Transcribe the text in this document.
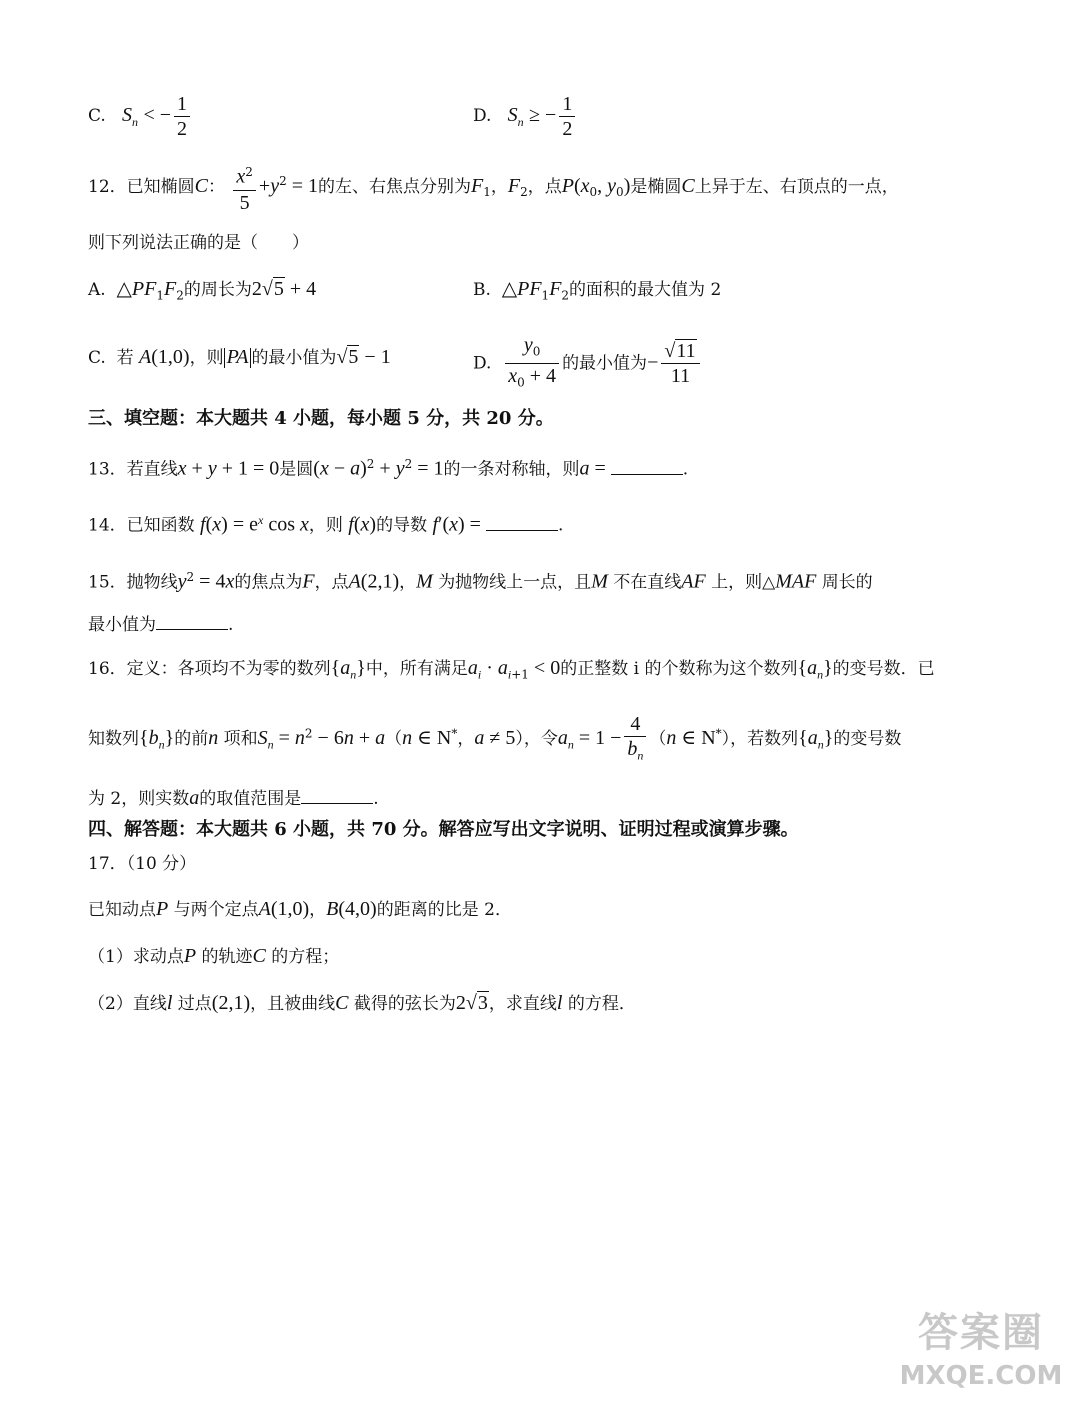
C. $S_n$ < − $\frac{1}{2}$	D. $S_n$ ≥ − $\frac{1}{2}$
12．已知椭圆C： $\frac{x^2}{5} +y^2 = 1$的左、右焦点分别为$F_1$，$F_2$，点$P(x_0$, $y_0$)是椭圆C上异于左、右顶点的一点，
则下列说法正确的是（　　）
A. $\triangle PF_1F_2$的周长为2√5 + 4	B. $\triangle PF_1F_2$的面积的最大值为 2
C. 若 A(1,0)，则 PA 的最小值为√5 − 1	D. $\frac{y_0}{x_0 + 4}$ 的最小值为− $\frac{√11}{11}$
三、填空题：本大题共 4 小题，每小题 5 分，共 20 分。
13．若直线x + y + 1 = 0是圆$(x - a)^2 + y^2 = 1$的一条对称轴，则a =	.
14．已知函数 $f(x) = e^x$ cos x，则 f(x)的导数 f′(x) =	.
15．抛物线$y^2 = 4x$的焦点为F，点A(2,1)，M 为抛物线上一点，且M 不在直线AF 上，则△MAF 周长的
最小值为	.
16．定义：各项均不为零的数列$\{a_n\}$中，所有满足$a_i \cdot a_{i+1} < 0$的正整数 i 的个数称为这个数列$\{a_n\}$的变号数．已
知数列$\{b_n\}$的前n 项和$S_n = n^2 - 6n + a(n$ ∈ N*，a ≠ 5），令$a_n = 1 - \frac{4}{b_n} (n$ ∈ N*），若数列$\{a_n\}$的变号数
为 2，则实数a的取值范围是	.
四、解答题：本大题共 6 小题，共 70 分。解答应写出文字说明、证明过程或演算步骤。
17．（10 分）
已知动点P 与两个定点A(1,0)，B(4,0)的距离的比是 2．
（1）求动点P 的轨迹C 的方程；
（2）直线l 过点(2,1)，且被曲线C 截得的弦长为2√3，求直线l 的方程．
答案圈
MXQE.COM
